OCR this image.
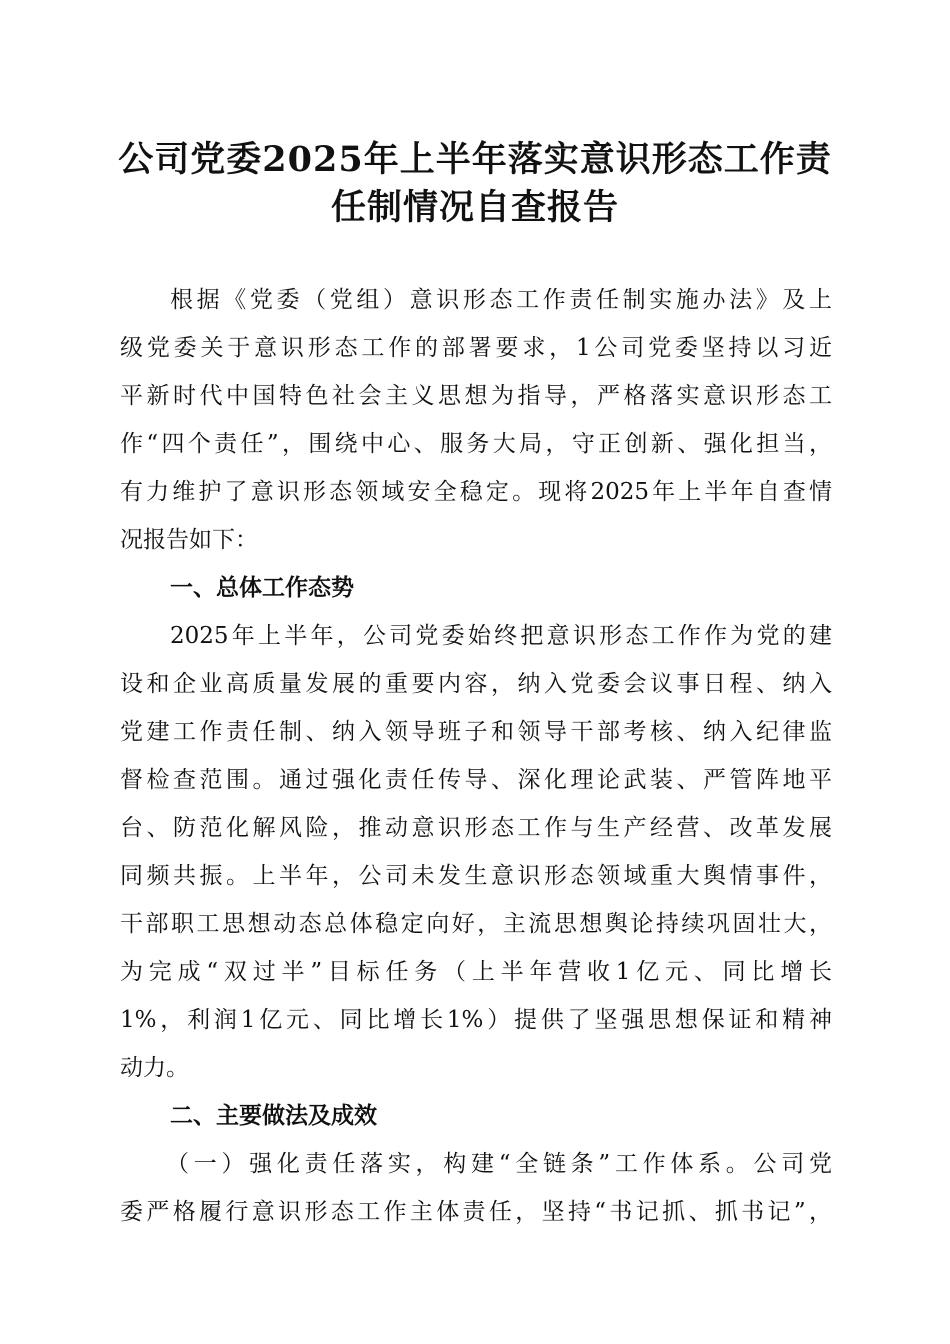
公司党委2025年上半年落实意识形态工作责
任制情况自查报告
根据《党委（党组）意识形态工作责任制实施办法》及上
级党委关于意识形态工作的部署要求，1公司党委坚持以习近
平新时代中国特色社会主义思想为指导，严格落实意识形态工
作“四个责任”，围绕中心、服务大局，守正创新、强化担当，
有力维护了意识形态领域安全稳定。现将2025年上半年自查情
况报告如下：
一、总体工作态势
2025年上半年，公司党委始终把意识形态工作作为党的建
设和企业高质量发展的重要内容，纳入党委会议事日程、纳入
党建工作责任制、纳入领导班子和领导干部考核、纳入纪律监
督检查范围。通过强化责任传导、深化理论武装、严管阵地平
台、防范化解风险，推动意识形态工作与生产经营、改革发展
同频共振。上半年，公司未发生意识形态领域重大舆情事件，
干部职工思想动态总体稳定向好，主流思想舆论持续巩固壮大，
为完成“双过半”目标任务（上半年营收1亿元、同比增长
1%，利润1亿元、同比增长1%）提供了坚强思想保证和精神
动力。
二、主要做法及成效
（一）强化责任落实，构建“全链条”工作体系。公司党
委严格履行意识形态工作主体责任，坚持“书记抓、抓书记”，
